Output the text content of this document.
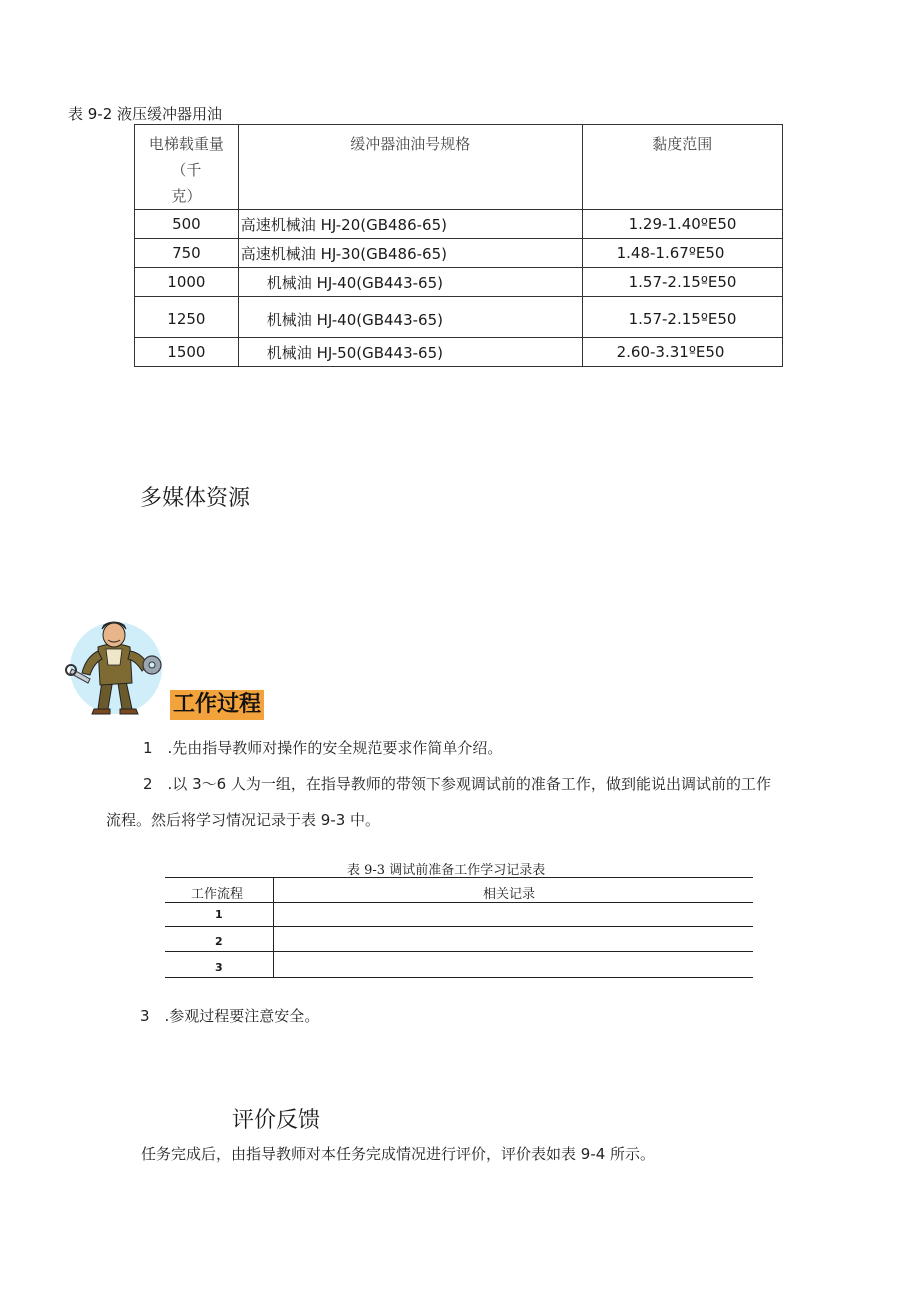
表 9-2 液压缓冲器用油
电梯载重量（千
克）	缓冲器油油号规格	黏度范围
500	高速机械油 HJ-20(GB486-65)	1.29-1.40ºE50
750	高速机械油 HJ-30(GB486-65)	1.48-1.67ºE50
1000	机械油 HJ-40(GB443-65)	1.57-2.15ºE50
1250	机械油 HJ-40(GB443-65)	1.57-2.15ºE50
1500	机械油 HJ-50(GB443-65)	2.60-3.31ºE50
多媒体资源
工作过程
1　.先由指导教师对操作的安全规范要求作简单介绍。
2　.以 3～6 人为一组，在指导教师的带领下参观调试前的准备工作，做到能说出调试前的工作
流程。然后将学习情况记录于表 9-3 中。
表 9-3 调试前准备工作学习记录表
工作流程	相关记录
1
2
3
3　.参观过程要注意安全。
评价反馈
任务完成后，由指导教师对本任务完成情况进行评价，评价表如表 9-4 所示。
